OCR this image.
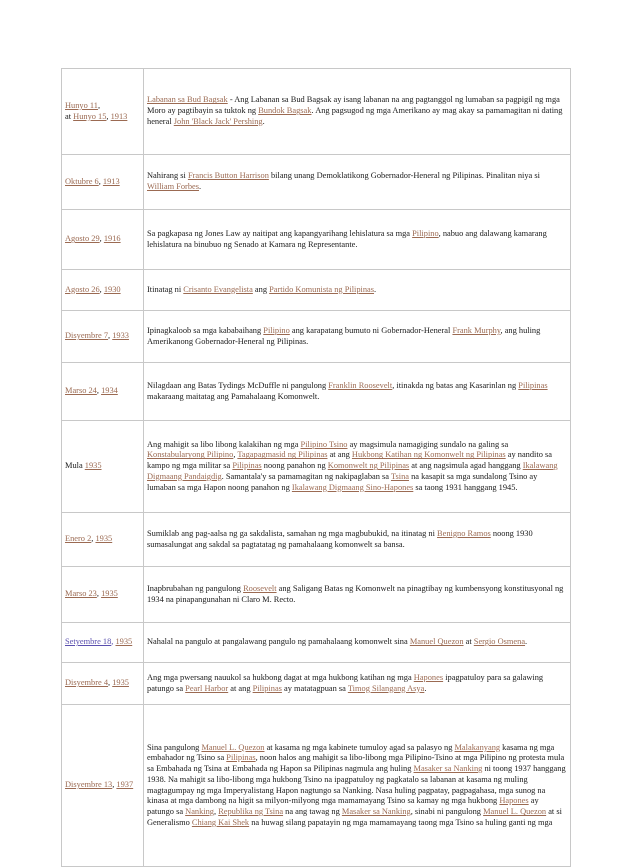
Hunyo 11,
at Hunyo 15, 1913	Labanan sa Bud Bagsak - Ang Labanan sa Bud Bagsak ay isang labanan na ang pagtanggol ng lumaban sa pagpigil ng mga Moro ay pagtibayin sa tuktok ng Bundok Bagsak. Ang pagsugod ng mga Amerikano ay mag akay sa pamamagitan ni dating heneral John 'Black Jack' Pershing.
Oktubre 6, 1913	Nahirang si Francis Button Harrison bilang unang Demoklatikong Gobernador-Heneral ng Pilipinas. Pinalitan niya si William Forbes.
Agosto 29, 1916	Sa pagkapasa ng Jones Law ay naitipat ang kapangyarihang lehislatura sa mga Pilipino, nabuo ang dalawang kamarang lehislatura na binubuo ng Senado at Kamara ng Representante.
Agosto 26, 1930	Itinatag ni Crisanto Evangelista ang Partido Komunista ng Pilipinas.
Disyembre 7, 1933	Ipinagkaloob sa mga kababaihang Pilipino ang karapatang bumuto ni Gobernador-Heneral Frank Murphy, ang huling Amerikanong Gobernador-Heneral ng Pilipinas.
Marso 24, 1934	Nilagdaan ang Batas Tydings McDuffle ni pangulong Franklin Roosevelt, itinakda ng batas ang Kasarinlan ng Pilipinas makaraang maitatag ang Pamahalaang Komonwelt.
Mula 1935	Ang mahigit sa libo libong kalakihan ng mga Pilipino Tsino ay magsimula namagiging sundalo na galing sa Konstabularyong Pilipino, Tagapagmasid ng Pilipinas at ang Hukbong Katihan ng Komonwelt ng Pilipinas ay nandito sa kampo ng mga militar sa Pilipinas noong panahon ng Komonwelt ng Pilipinas at ang nagsimula agad hanggang Ikalawang Digmaang Pandaigdig. Samantala'y sa pamamagitan ng nakipaglaban sa Tsina na kasapit sa mga sundalong Tsino ay lumaban sa mga Hapon noong panahon ng Ikalawang Digmaang Sino-Hapones sa taong 1931 hanggang 1945.
Enero 2, 1935	Sumiklab ang pag-aalsa ng ga sakdalista, samahan ng mga magbubukid, na itinatag ni Benigno Ramos noong 1930 sumasalungat ang sakdal sa pagtatatag ng pamahalaang komonwelt sa bansa.
Marso 23, 1935	Inapbrubahan ng pangulong Roosevelt ang Saligang Batas ng Komonwelt na pinagtibay ng kumbensyong konstitusyonal ng 1934 na pinapangunahan ni Claro M. Recto.
Setyembre 18, 1935	Nahalal na pangulo at pangalawang pangulo ng pamahalaang komonwelt sina Manuel Quezon at Sergio Osmena.
Disyembre 4, 1935	Ang mga pwersang nauukol sa hukbong dagat at mga hukbong katihan ng mga Hapones ipagpatuloy para sa galawing patungo sa Pearl Harbor at ang Pilipinas ay matatagpuan sa Timog Silangang Asya.
Disyembre 13, 1937	Sina pangulong Manuel L. Quezon at kasama ng mga kabinete tumuloy agad sa palasyo ng Malakanyang kasama ng mga embahador ng Tsino sa Pilipinas, noon halos ang mahigit sa libo-libong mga Pilipino-Tsino at mga Pilipino ng protesta mula sa Embahada ng Tsina at Embahada ng Hapon sa Pilipinas nagmula ang huling Masaker sa Nanking ni toong 1937 hanggang 1938. Na mahigit sa libo-libong mga hukbong Tsino na ipagpatuloy ng pagkatalo sa labanan at kasama ng muling magtagumpay ng mga Imperyalistang Hapon nagtungo sa Nanking. Nasa huling pagpatay, pagpagahasa, mga sunog na kinasa at mga dambong na higit sa milyon-milyong mga mamamayang Tsino sa kamay ng mga hukbong Hapones ay patungo sa Nanking, Republika ng Tsina na ang tawag ng Masaker sa Nanking, sinabi ni pangulong Manuel L. Quezon at si Generalismo Chiang Kai Shek na huwag silang papatayin ng mga mamamayang taong mga Tsino sa huling ganti ng mga
